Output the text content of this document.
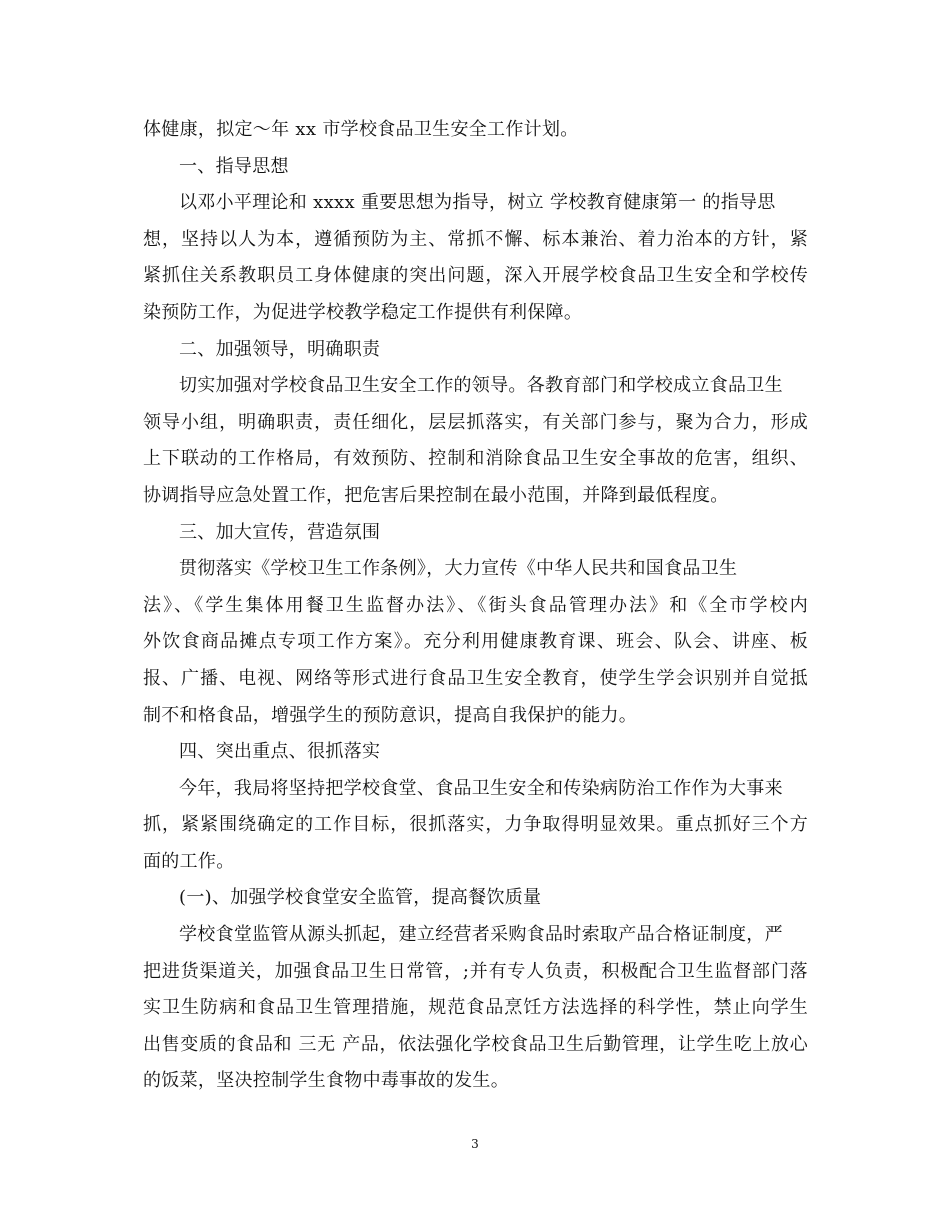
体健康，拟定～年 xx 市学校食品卫生安全工作计划。
一、指导思想
以邓小平理论和 xxxx 重要思想为指导，树立 学校教育健康第一 的指导思
想，坚持以人为本，遵循预防为主、常抓不懈、标本兼治、着力治本的方针，紧
紧抓住关系教职员工身体健康的突出问题，深入开展学校食品卫生安全和学校传
染预防工作，为促进学校教学稳定工作提供有利保障。
二、加强领导，明确职责
切实加强对学校食品卫生安全工作的领导。各教育部门和学校成立食品卫生
领导小组，明确职责，责任细化，层层抓落实，有关部门参与，聚为合力，形成
上下联动的工作格局，有效预防、控制和消除食品卫生安全事故的危害，组织、
协调指导应急处置工作，把危害后果控制在最小范围，并降到最低程度。
三、加大宣传，营造氛围
贯彻落实《学校卫生工作条例》，大力宣传《中华人民共和国食品卫生
法》、《学生集体用餐卫生监督办法》、《街头食品管理办法》和《全市学校内
外饮食商品摊点专项工作方案》。充分利用健康教育课、班会、队会、讲座、板
报、广播、电视、网络等形式进行食品卫生安全教育，使学生学会识别并自觉抵
制不和格食品，增强学生的预防意识，提高自我保护的能力。
四、突出重点、很抓落实
今年，我局将坚持把学校食堂、食品卫生安全和传染病防治工作作为大事来
抓，紧紧围绕确定的工作目标，很抓落实，力争取得明显效果。重点抓好三个方
面的工作。
(一)、加强学校食堂安全监管，提高餐饮质量
学校食堂监管从源头抓起，建立经营者采购食品时索取产品合格证制度，严
把进货渠道关，加强食品卫生日常管，;并有专人负责，积极配合卫生监督部门落
实卫生防病和食品卫生管理措施，规范食品烹饪方法选择的科学性，禁止向学生
出售变质的食品和 三无 产品，依法强化学校食品卫生后勤管理，让学生吃上放心
的饭菜，坚决控制学生食物中毒事故的发生。
3
